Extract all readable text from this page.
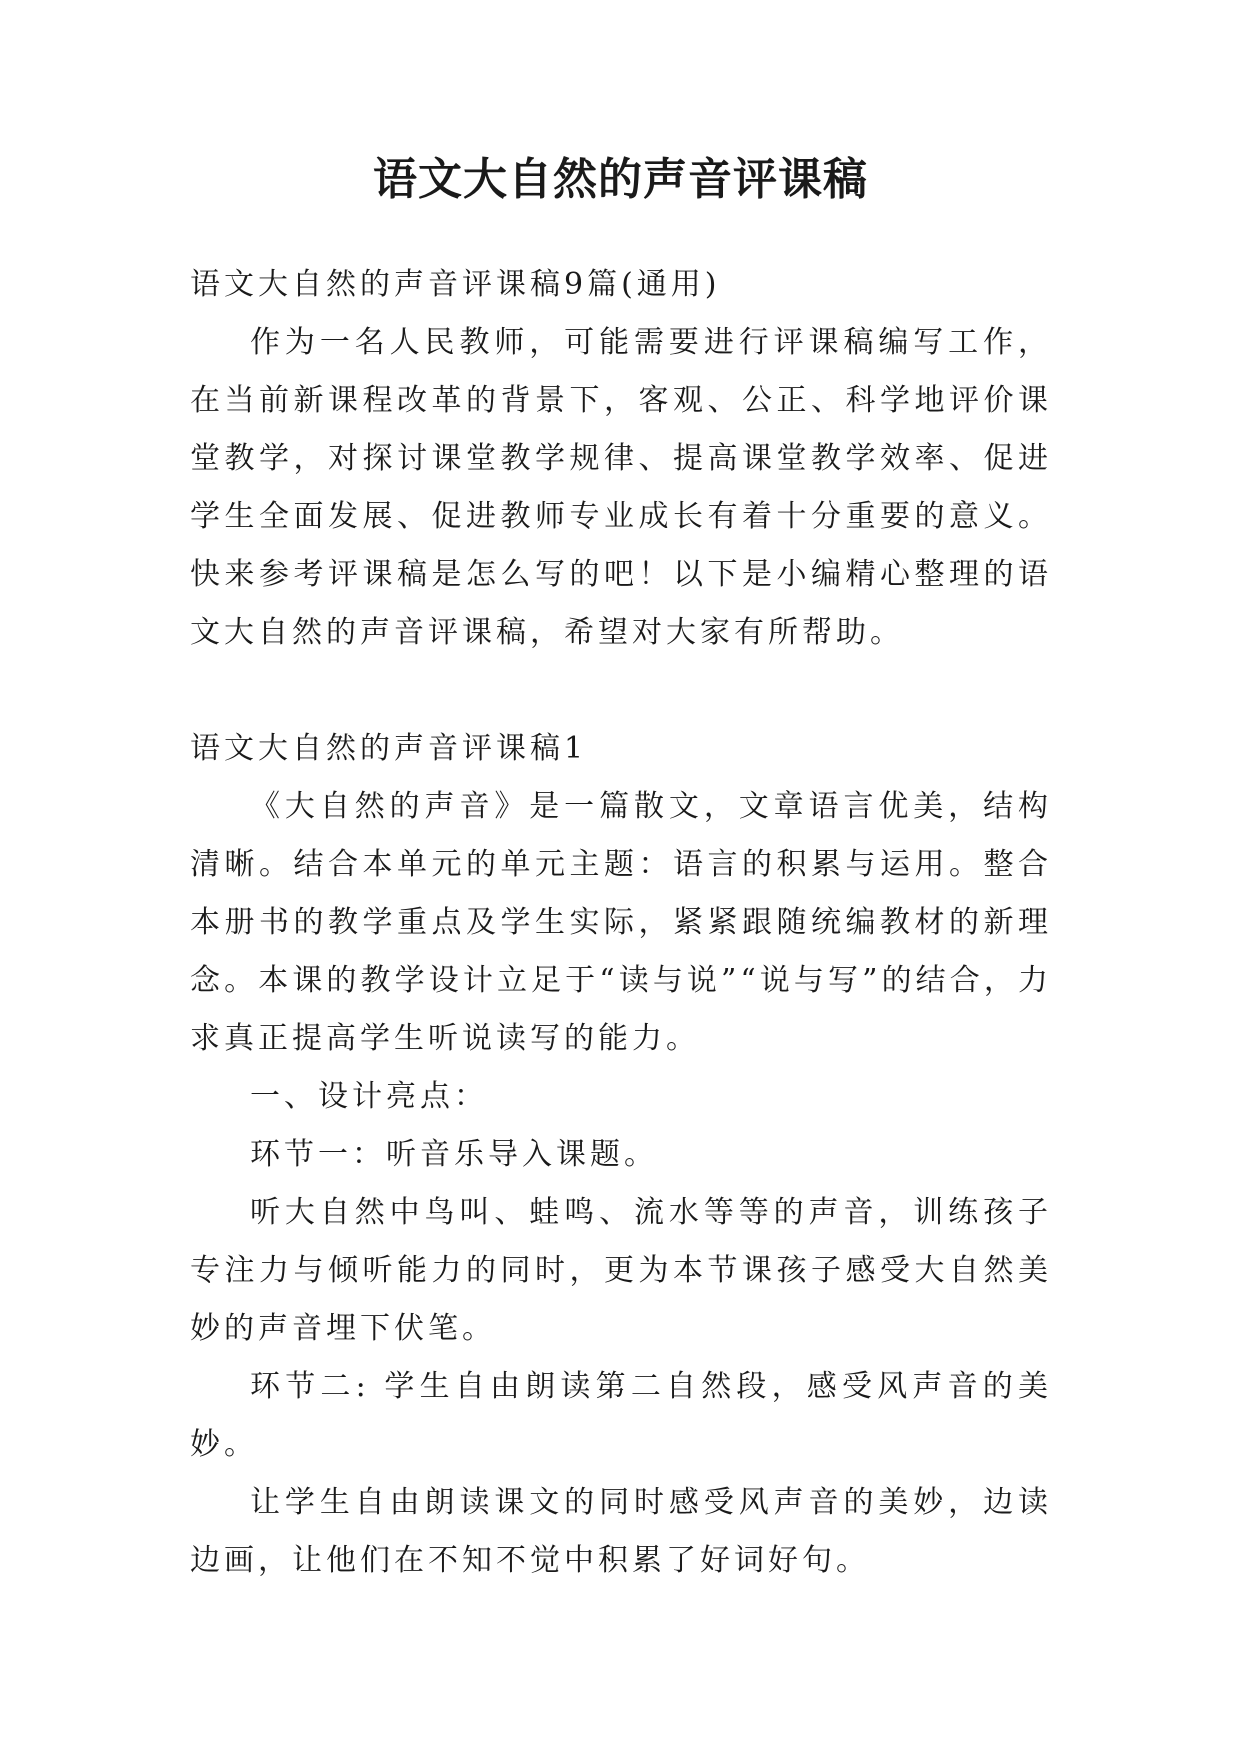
语文大自然的声音评课稿

语文大自然的声音评课稿9篇(通用)

作为一名人民教师，可能需要进行评课稿编写工作，在当前新课程改革的背景下，客观、公正、科学地评价课堂教学，对探讨课堂教学规律、提高课堂教学效率、促进学生全面发展、促进教师专业成长有着十分重要的意义。快来参考评课稿是怎么写的吧！以下是小编精心整理的语文大自然的声音评课稿，希望对大家有所帮助。

语文大自然的声音评课稿1

《大自然的声音》是一篇散文，文章语言优美，结构清晰。结合本单元的单元主题：语言的积累与运用。整合本册书的教学重点及学生实际，紧紧跟随统编教材的新理念。本课的教学设计立足于“读与说”“说与写”的结合，力求真正提高学生听说读写的能力。

一、设计亮点：

环节一：听音乐导入课题。

听大自然中鸟叫、蛙鸣、流水等等的声音，训练孩子专注力与倾听能力的同时，更为本节课孩子感受大自然美妙的声音埋下伏笔。

环节二: 学生自由朗读第二自然段，感受风声音的美妙。

让学生自由朗读课文的同时感受风声音的美妙，边读边画，让他们在不知不觉中积累了好词好句。
